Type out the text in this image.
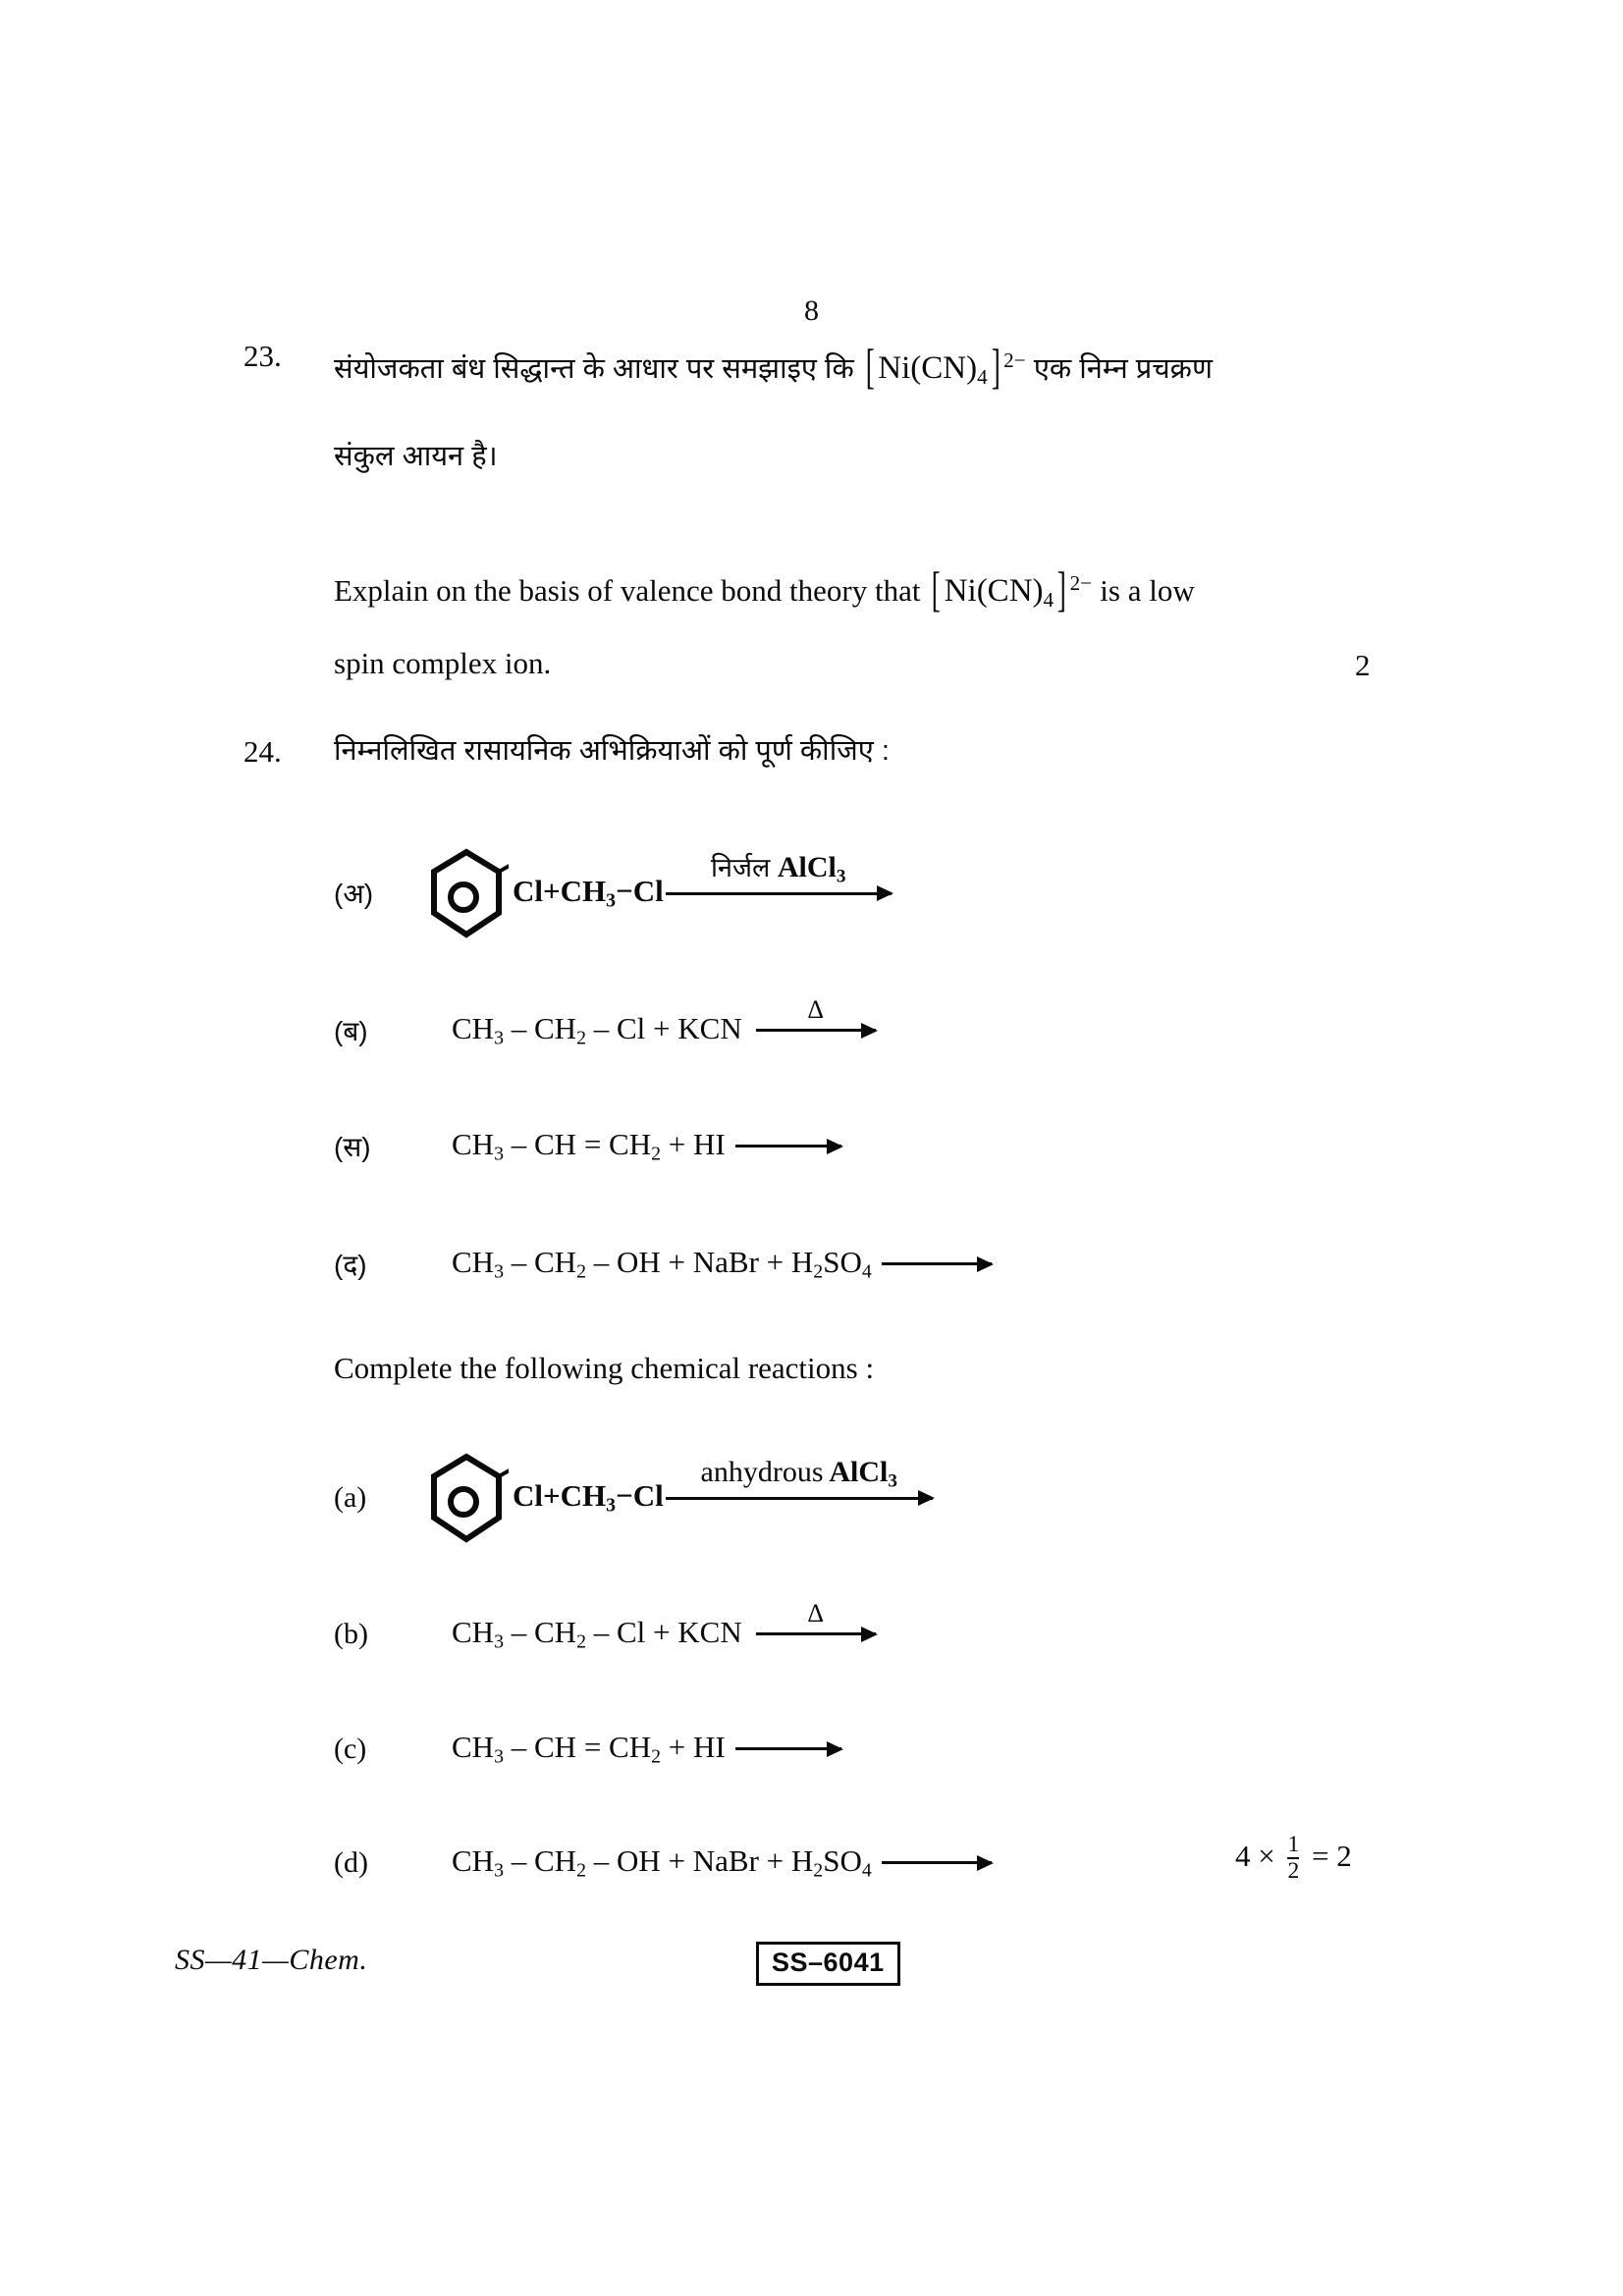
8
23. संयोजकता बंध सिद्धान्त के आधार पर समझाइए कि [ $Ni(CN)_4$] $^{2-}$ एक निम्न प्रचक्रण
संकुल आयन है।
Explain on the basis of valence bond theory that [ $Ni(CN)_4$] $^{2-}$ is a low
spin complex ion.	2
24. निम्नलिखित रासायनिक अभिक्रियाओं को पूर्ण कीजिए :
(अ)	$Cl+CH_3-Cl$
निर्जल AlCl$_3$
(ब)	$CH_3 - CH_2$ – Cl + KCN
Δ
(स)	$CH_3$ – CH = $CH_2$ + HI
(द)	$CH_3 - CH_2$ – OH + NaBr + $H_2SO_4$
Complete the following chemical reactions :
(a)	$Cl+CH_3-Cl$
anhydrous AlCl$_3$
(b)	$CH_3 - CH_2$ – Cl + KCN
Δ
(c)	$CH_3$ – CH = $CH_2$ + HI
(d)	$CH_3 - CH_2$ – OH + NaBr + $H_2SO_4$	$4 \times \frac{1}{2} = 2$
SS—41—Chem.	SS–6041
